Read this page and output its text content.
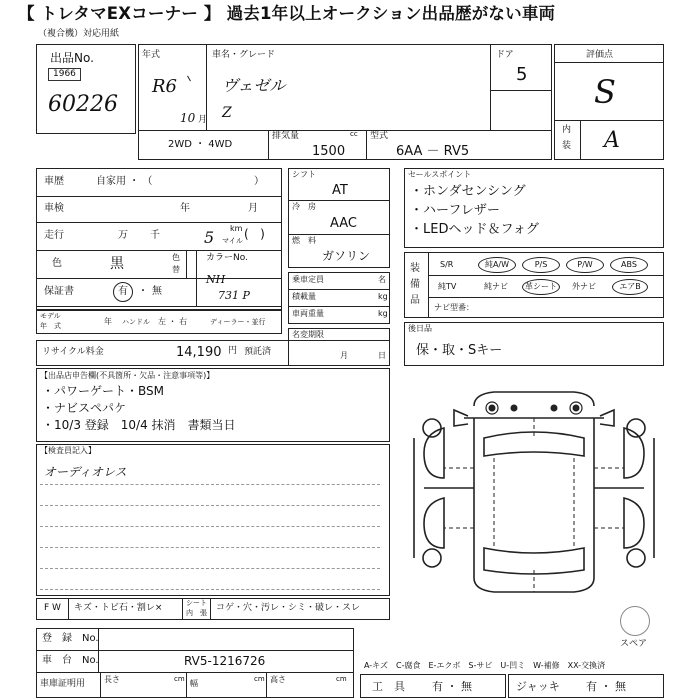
【 トレタマEXコーナー 】 過去1年以上オークション出品歴がない車両
（複合機）対応用紙
出品No.
1966
60226
年式
R6
10 月
車名・グレード
ヴェゼル
Z
ドア
5
2WD ・ 4WD
排気量	cc
1500
型式
6AA － RV5
評価点
S
内
装 A
車歴	自家用 ・ （	）
車検	年	月
走行	万 千	5 km
マイル (   )
色	黒	色
替
カラーNo.
NH
731 P
保証書	有 ・ 無
モデル
年　式	年 ハンドル 左 ・ 右	ディーラー・並行
リサイクル料金	14,190 円 預託済
シフト
AT
冷　房
AAC
燃　料
ガソリン
乗車定員	名
積載量	kg
車両重量	kg
名変期限
月	日
セールスポイント
・ホンダセンシング
・ハーフレザー
・LEDヘッド＆フォグ
装
備
品
S/R	純A/W	P/S	P/W	ABS
純TV	純ナビ	革シート	外ナビ	エアB
ナビ型番：
後日品
保・取・Sキー
【出品店申告欄(不具箇所・欠品・注意事項等)】
・パワーゲート・BSM
・ナビスペパケ
・10/3 登録　10/4 抹消　書類当日
【検査員記入】
オーディオレス
スペア
F W キズ・トビ石・割レ×	シート
内　張 コゲ・穴・汚レ・シミ・破レ・スレ
登　録　No.
車　台　No.	RV5-1216726
車庫証明用 長さ	cm 幅	cm 高さ	cm
A-キズ　C-腐食　E-エクボ　S-サビ　U-凹ミ　W-補修　XX-交換済
工　具 有 ・ 無	ジャッキ 有 ・ 無
